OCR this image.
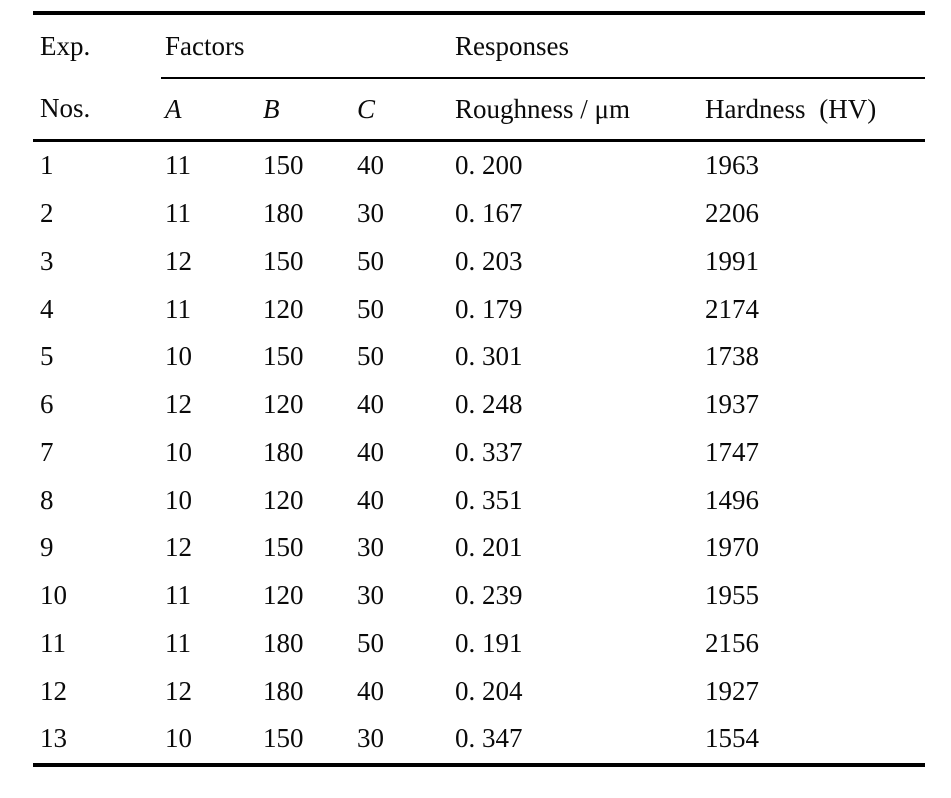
Exp.	Factors			Responses	
Nos.	A	B	C	Roughness / μm	Hardness (HV)
1	11	150	40	0. 200	1963
2	11	180	30	0. 167	2206
3	12	150	50	0. 203	1991
4	11	120	50	0. 179	2174
5	10	150	50	0. 301	1738
6	12	120	40	0. 248	1937
7	10	180	40	0. 337	1747
8	10	120	40	0. 351	1496
9	12	150	30	0. 201	1970
10	11	120	30	0. 239	1955
11	11	180	50	0. 191	2156
12	12	180	40	0. 204	1927
13	10	150	30	0. 347	1554
